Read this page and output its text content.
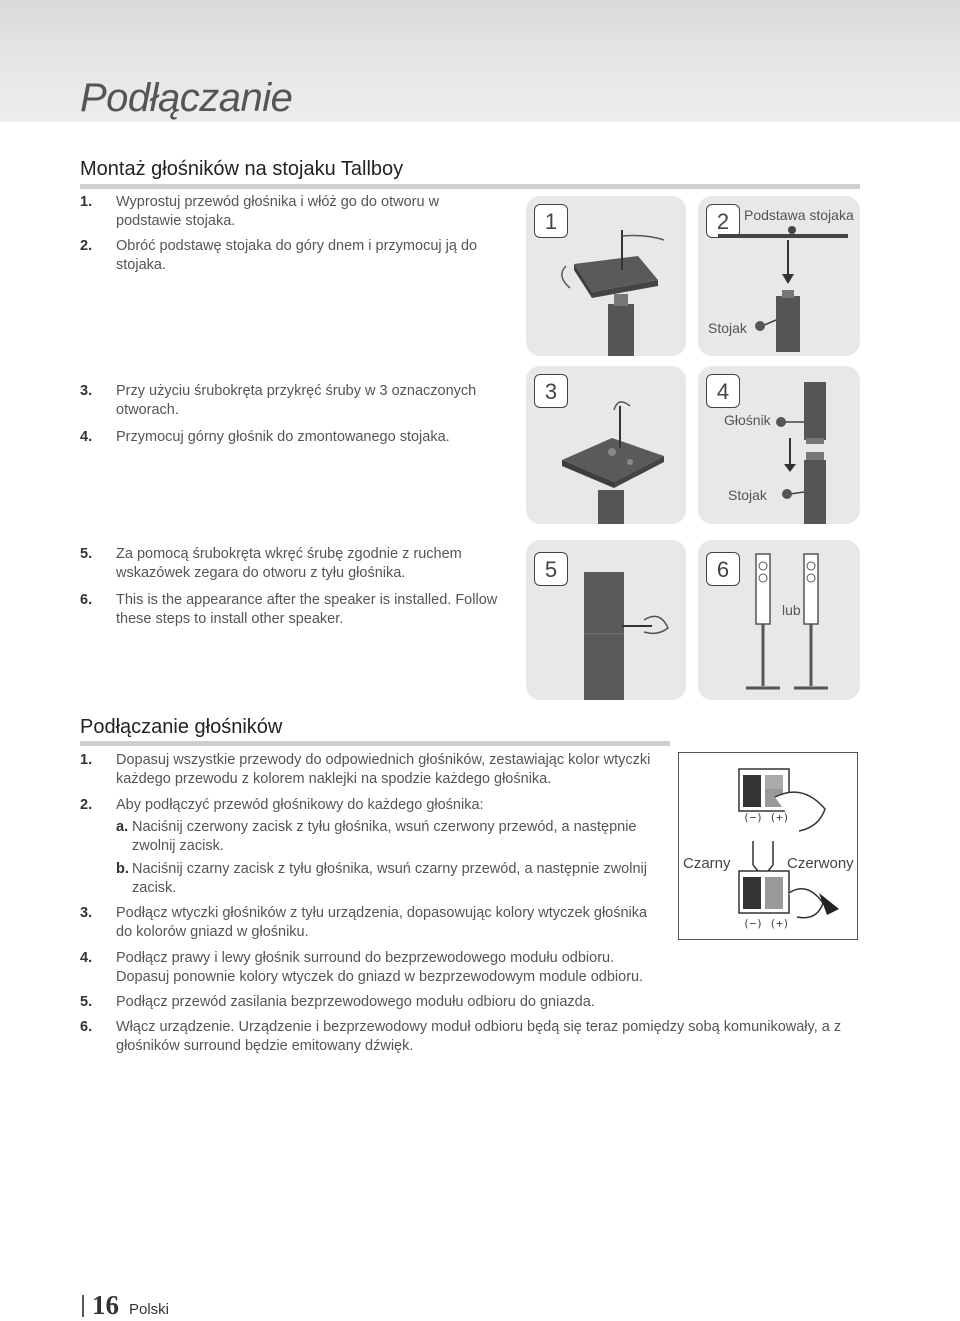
Podłączanie
Montaż głośników na stojaku Tallboy
1. Wyprostuj przewód głośnika i włóż go do otworu w
podstawie stojaka.
2. Obróć podstawę stojaka do góry dnem i przymocuj ją do
stojaka.
3. Przy użyciu śrubokręta przykręć śruby w 3 oznaczonych
otworach.
4. Przymocuj górny głośnik do zmontowanego stojaka.
5. Za pomocą śrubokręta wkręć śrubę zgodnie z ruchem
wskazówek zegara do otworu z tyłu głośnika.
6. This is the appearance after the speaker is installed. Follow
these steps to install other speaker.
1	2	Podstawa stojaka
Stojak
3	4
Głośnik
Stojak
5	6
lub
Podłączanie głośników
1. Dopasuj wszystkie przewody do odpowiednich głośników, zestawiając kolor wtyczki
każdego przewodu z kolorem naklejki na spodzie każdego głośnika.
2. Aby podłączyć przewód głośnikowy do każdego głośnika:
a. Naciśnij czerwony zacisk z tyłu głośnika, wsuń czerwony przewód, a następnie
zwolnij zacisk.
b. Naciśnij czarny zacisk z tyłu głośnika, wsuń czarny przewód, a następnie zwolnij
zacisk.
3. Podłącz wtyczki głośników z tyłu urządzenia, dopasowując kolory wtyczek głośnika
do kolorów gniazd w głośniku.
4. Podłącz prawy i lewy głośnik surround do bezprzewodowego modułu odbioru.
Dopasuj ponownie kolory wtyczek do gniazd w bezprzewodowym module odbioru.
5. Podłącz przewód zasilania bezprzewodowego modułu odbioru do gniazda.
6. Włącz urządzenie. Urządzenie i bezprzewodowy moduł odbioru będą się teraz pomiędzy sobą komunikowały, a z
głośników surround będzie emitowany dźwięk.
(−) (+)
(−) (+)
Czarny	Czerwony
16 Polski
